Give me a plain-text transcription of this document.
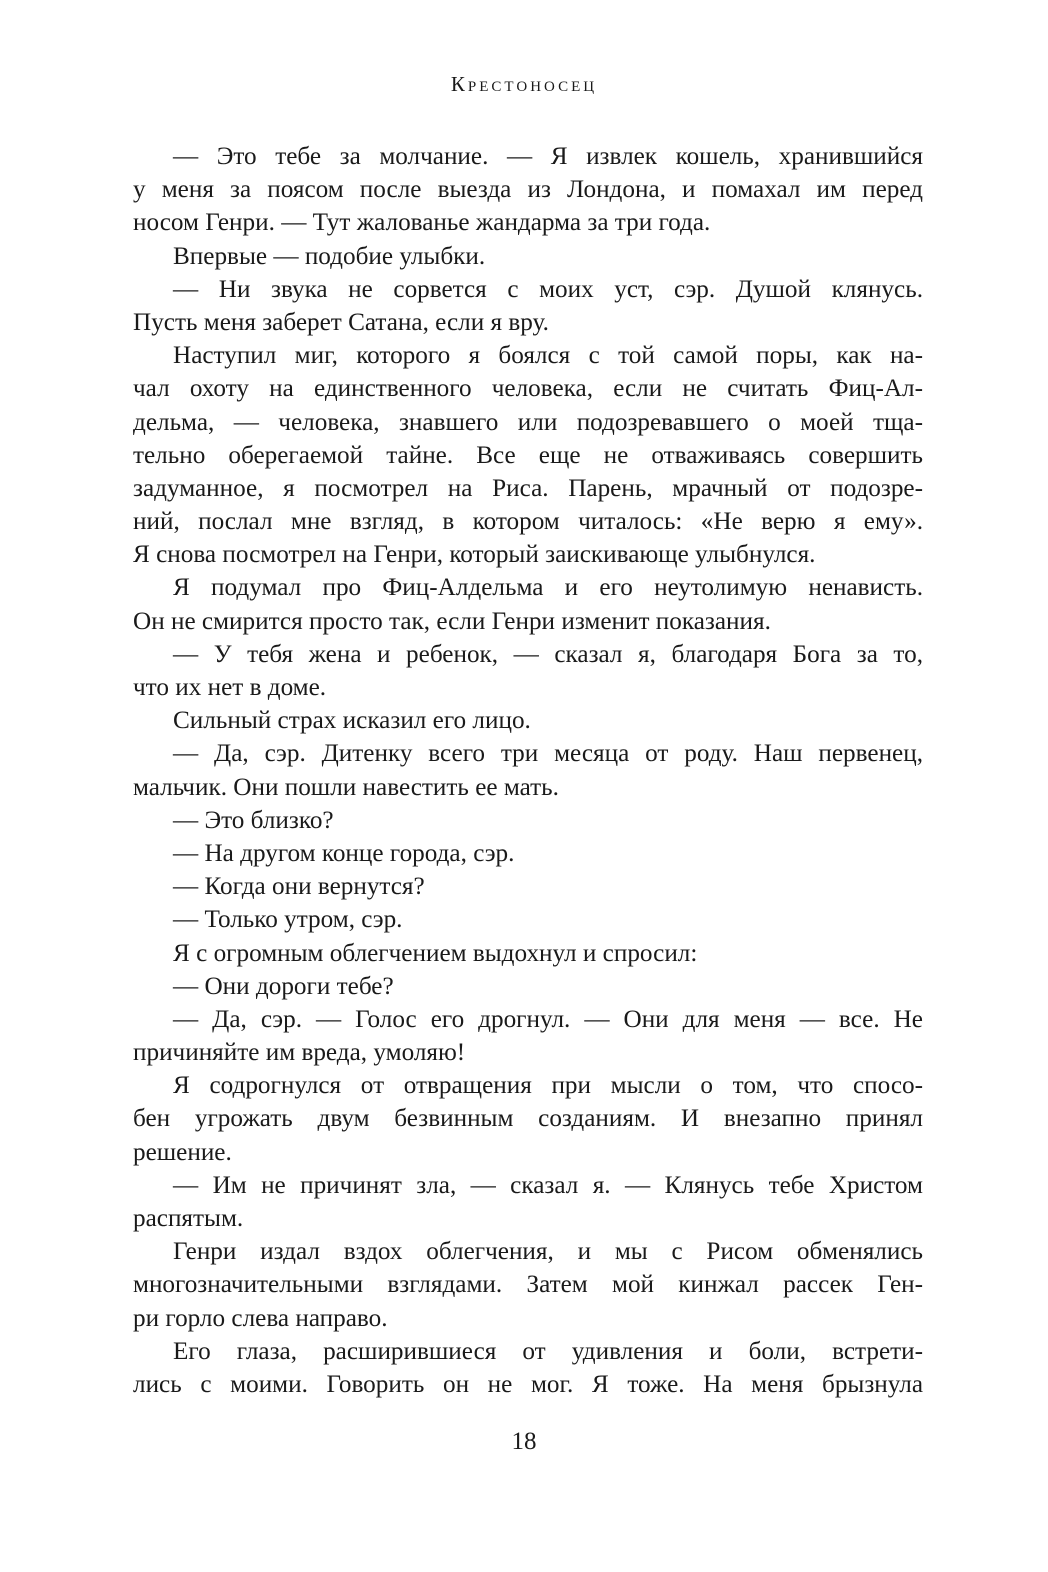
Крестоносец
— Это тебе за молчание. — Я извлек кошель, хранившийся
у меня за поясом после выезда из Лондона, и помахал им перед
носом Генри. — Тут жалованье жандарма за три года.
Впервые — подобие улыбки.
— Ни звука не сорвется с моих уст, сэр. Душой клянусь.
Пусть меня заберет Сатана, если я вру.
Наступил миг, которого я боялся с той самой поры, как на-
чал охоту на единственного человека, если не считать Фиц-Ал-
дельма, — человека, знавшего или подозревавшего о моей тща-
тельно оберегаемой тайне. Все еще не отваживаясь совершить
задуманное, я посмотрел на Риса. Парень, мрачный от подозре-
ний, послал мне взгляд, в котором читалось: «Не верю я ему».
Я снова посмотрел на Генри, который заискивающе улыбнулся.
Я подумал про Фиц-Алдельма и его неутолимую ненависть.
Он не смирится просто так, если Генри изменит показания.
— У тебя жена и ребенок, — сказал я, благодаря Бога за то,
что их нет в доме.
Сильный страх исказил его лицо.
— Да, сэр. Дитенку всего три месяца от роду. Наш первенец,
мальчик. Они пошли навестить ее мать.
— Это близко?
— На другом конце города, сэр.
— Когда они вернутся?
— Только утром, сэр.
Я с огромным облегчением выдохнул и спросил:
— Они дороги тебе?
— Да, сэр. — Голос его дрогнул. — Они для меня — все. Не
причиняйте им вреда, умоляю!
Я содрогнулся от отвращения при мысли о том, что спосо-
бен угрожать двум безвинным созданиям. И внезапно принял
решение.
— Им не причинят зла, — сказал я. — Клянусь тебе Христом
распятым.
Генри издал вздох облегчения, и мы с Рисом обменялись
многозначительными взглядами. Затем мой кинжал рассек Ген-
ри горло слева направо.
Его глаза, расширившиеся от удивления и боли, встрети-
лись с моими. Говорить он не мог. Я тоже. На меня брызнула
18
